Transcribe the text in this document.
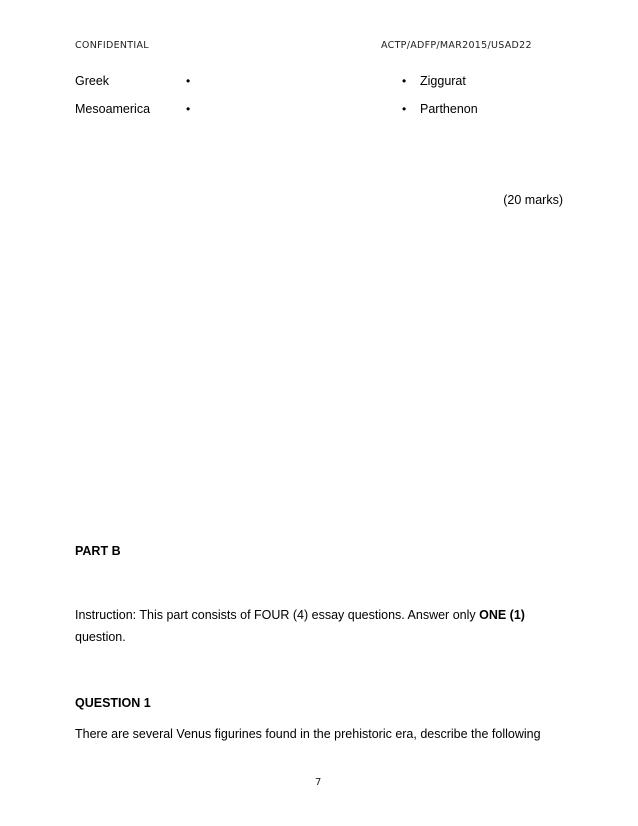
CONFIDENTIAL	ACTP/ADFP/MAR2015/USAD22
Greek	•	• Ziggurat
Mesoamerica	•	• Parthenon
(20 marks)
PART B
Instruction: This part consists of FOUR (4) essay questions. Answer only ONE (1)
question.
QUESTION 1
There are several Venus figurines found in the prehistoric era, describe the following
7
